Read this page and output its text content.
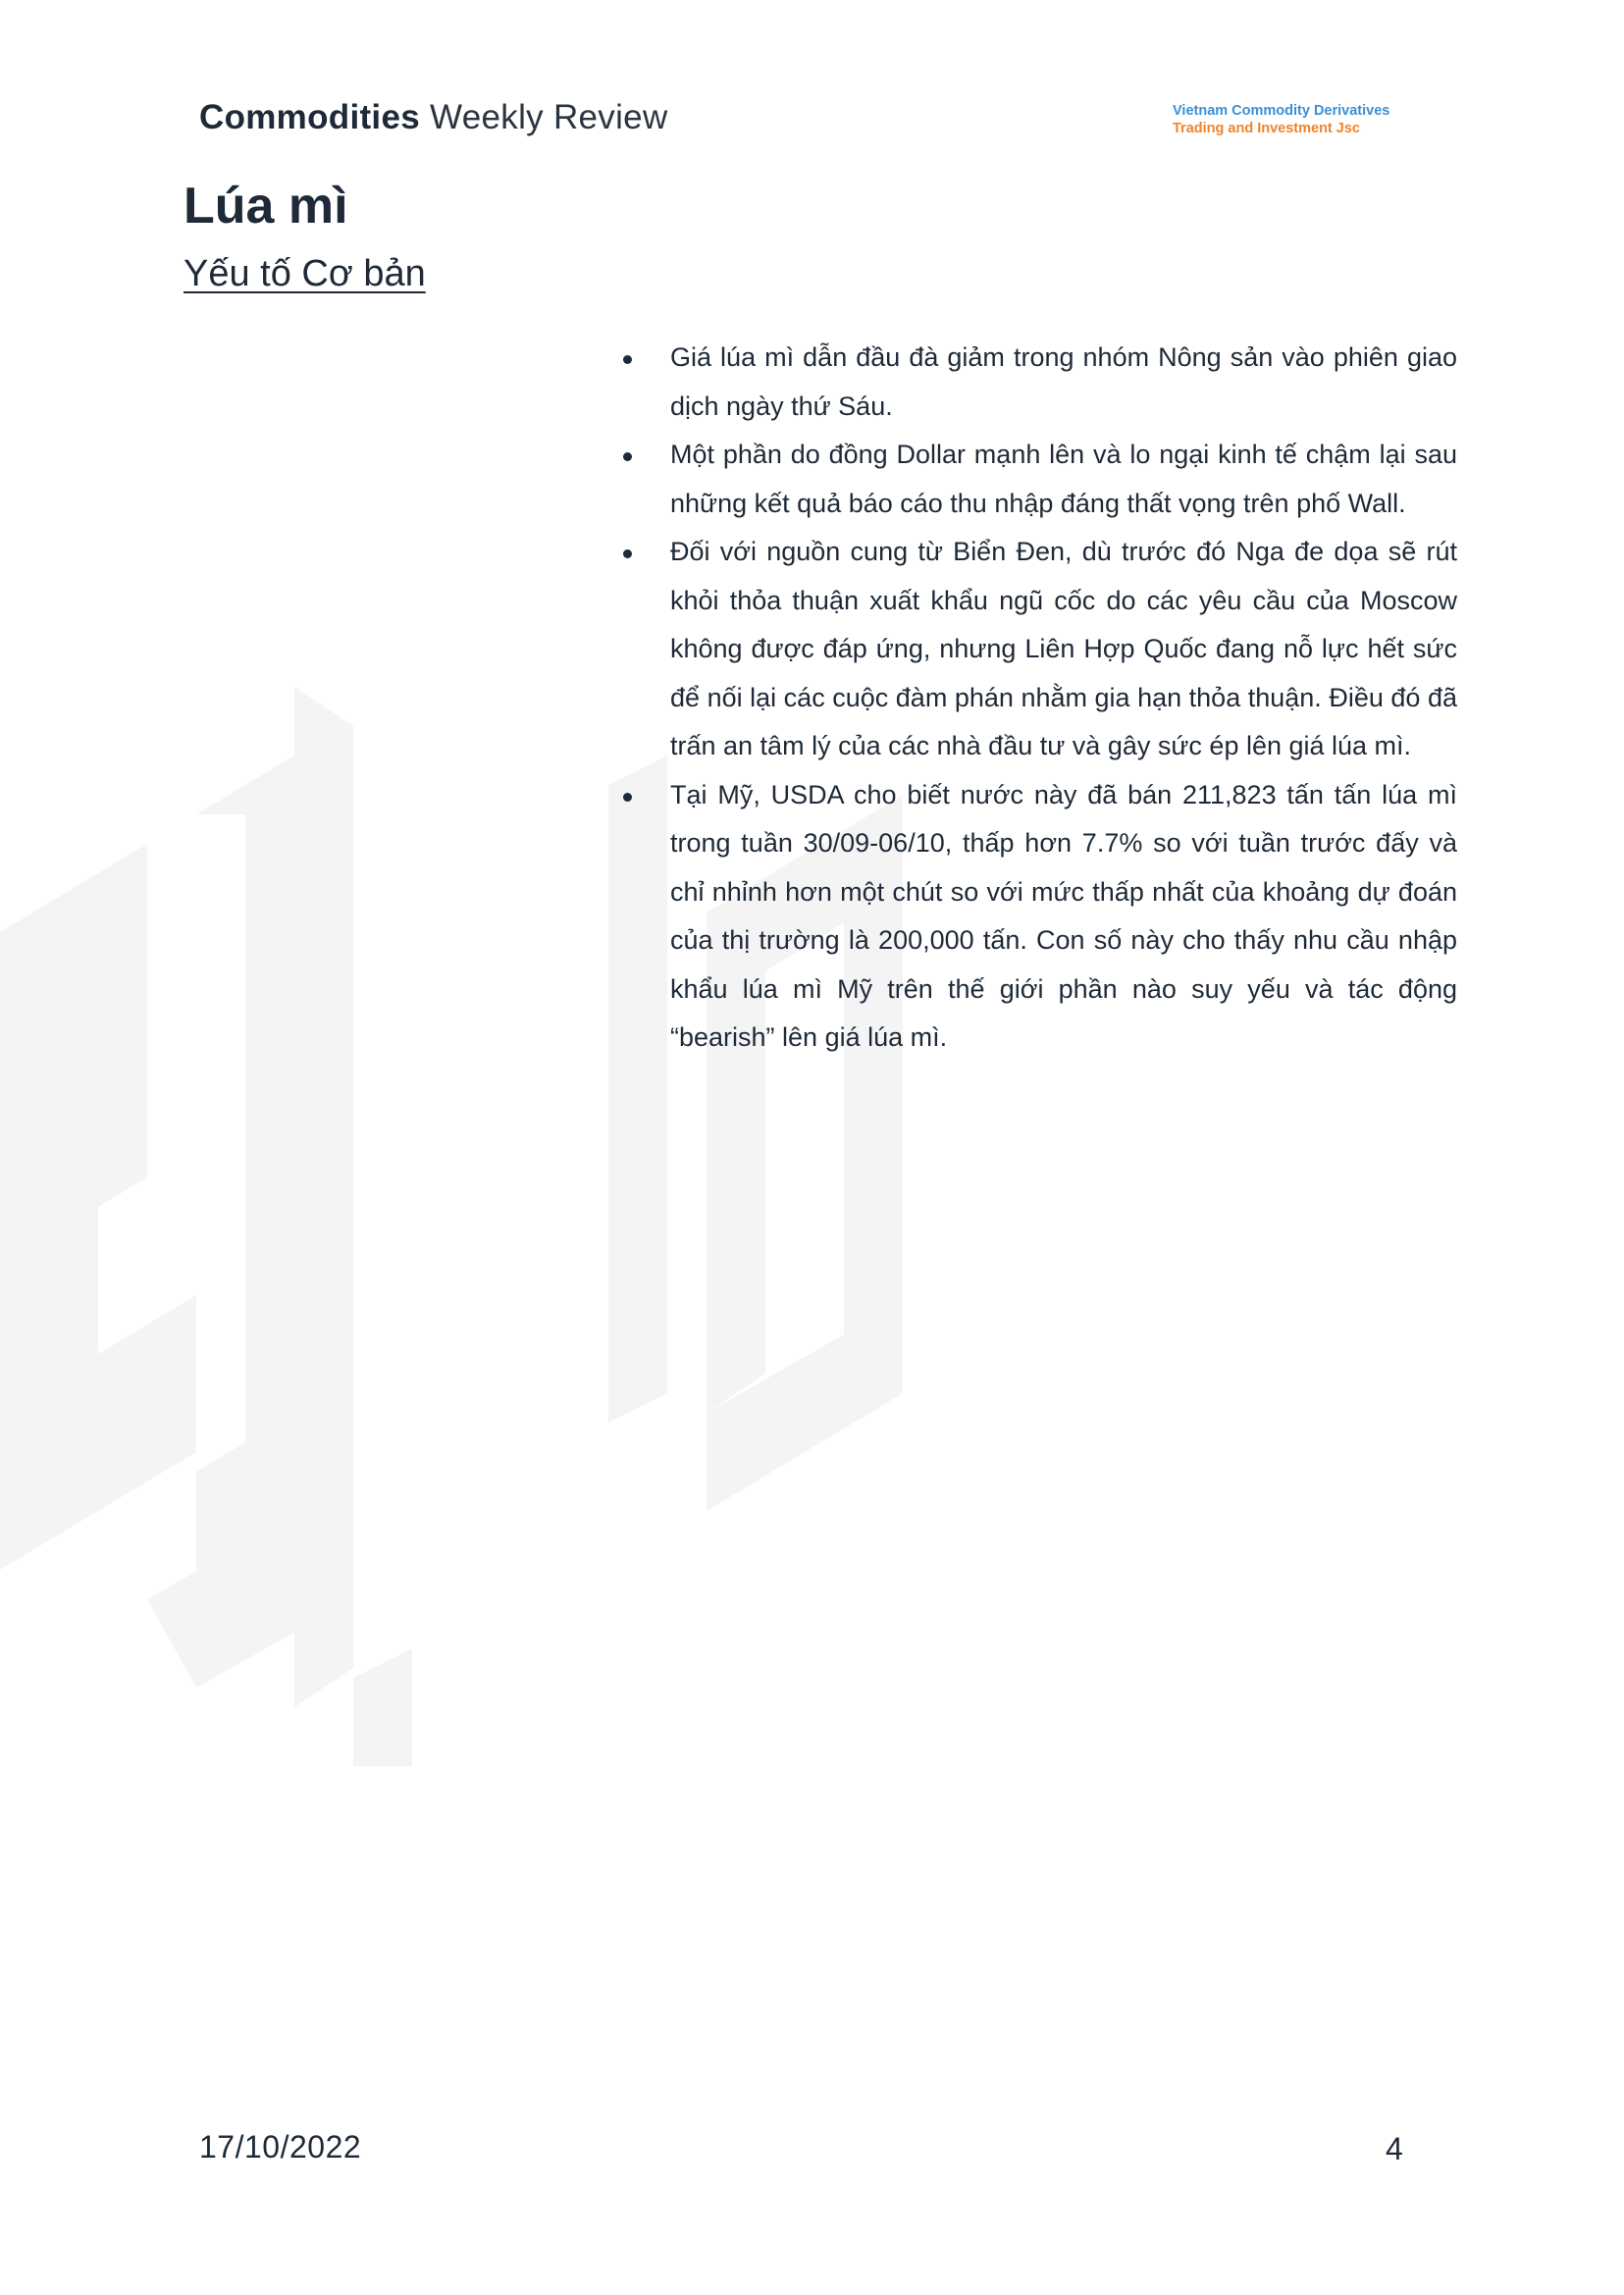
Commodities Weekly Review	Vietnam Commodity Derivatives
Trading and Investment Jsc
Lúa mì
Yếu tố Cơ bản
Giá lúa mì dẫn đầu đà giảm trong nhóm Nông sản vào phiên giao dịch ngày thứ Sáu.
Một phần do đồng Dollar mạnh lên và lo ngại kinh tế chậm lại sau những kết quả báo cáo thu nhập đáng thất vọng trên phố Wall.
Đối với nguồn cung từ Biển Đen, dù trước đó Nga đe dọa sẽ rút khỏi thỏa thuận xuất khẩu ngũ cốc do các yêu cầu của Moscow không được đáp ứng, nhưng Liên Hợp Quốc đang nỗ lực hết sức để nối lại các cuộc đàm phán nhằm gia hạn thỏa thuận. Điều đó đã trấn an tâm lý của các nhà đầu tư và gây sức ép lên giá lúa mì.
Tại Mỹ, USDA cho biết nước này đã bán 211,823 tấn tấn lúa mì trong tuần 30/09-06/10, thấp hơn 7.7% so với tuần trước đấy và chỉ nhỉnh hơn một chút so với mức thấp nhất của khoảng dự đoán của thị trường là 200,000 tấn. Con số này cho thấy nhu cầu nhập khẩu lúa mì Mỹ trên thế giới phần nào suy yếu và tác động “bearish” lên giá lúa mì.
17/10/2022	4
